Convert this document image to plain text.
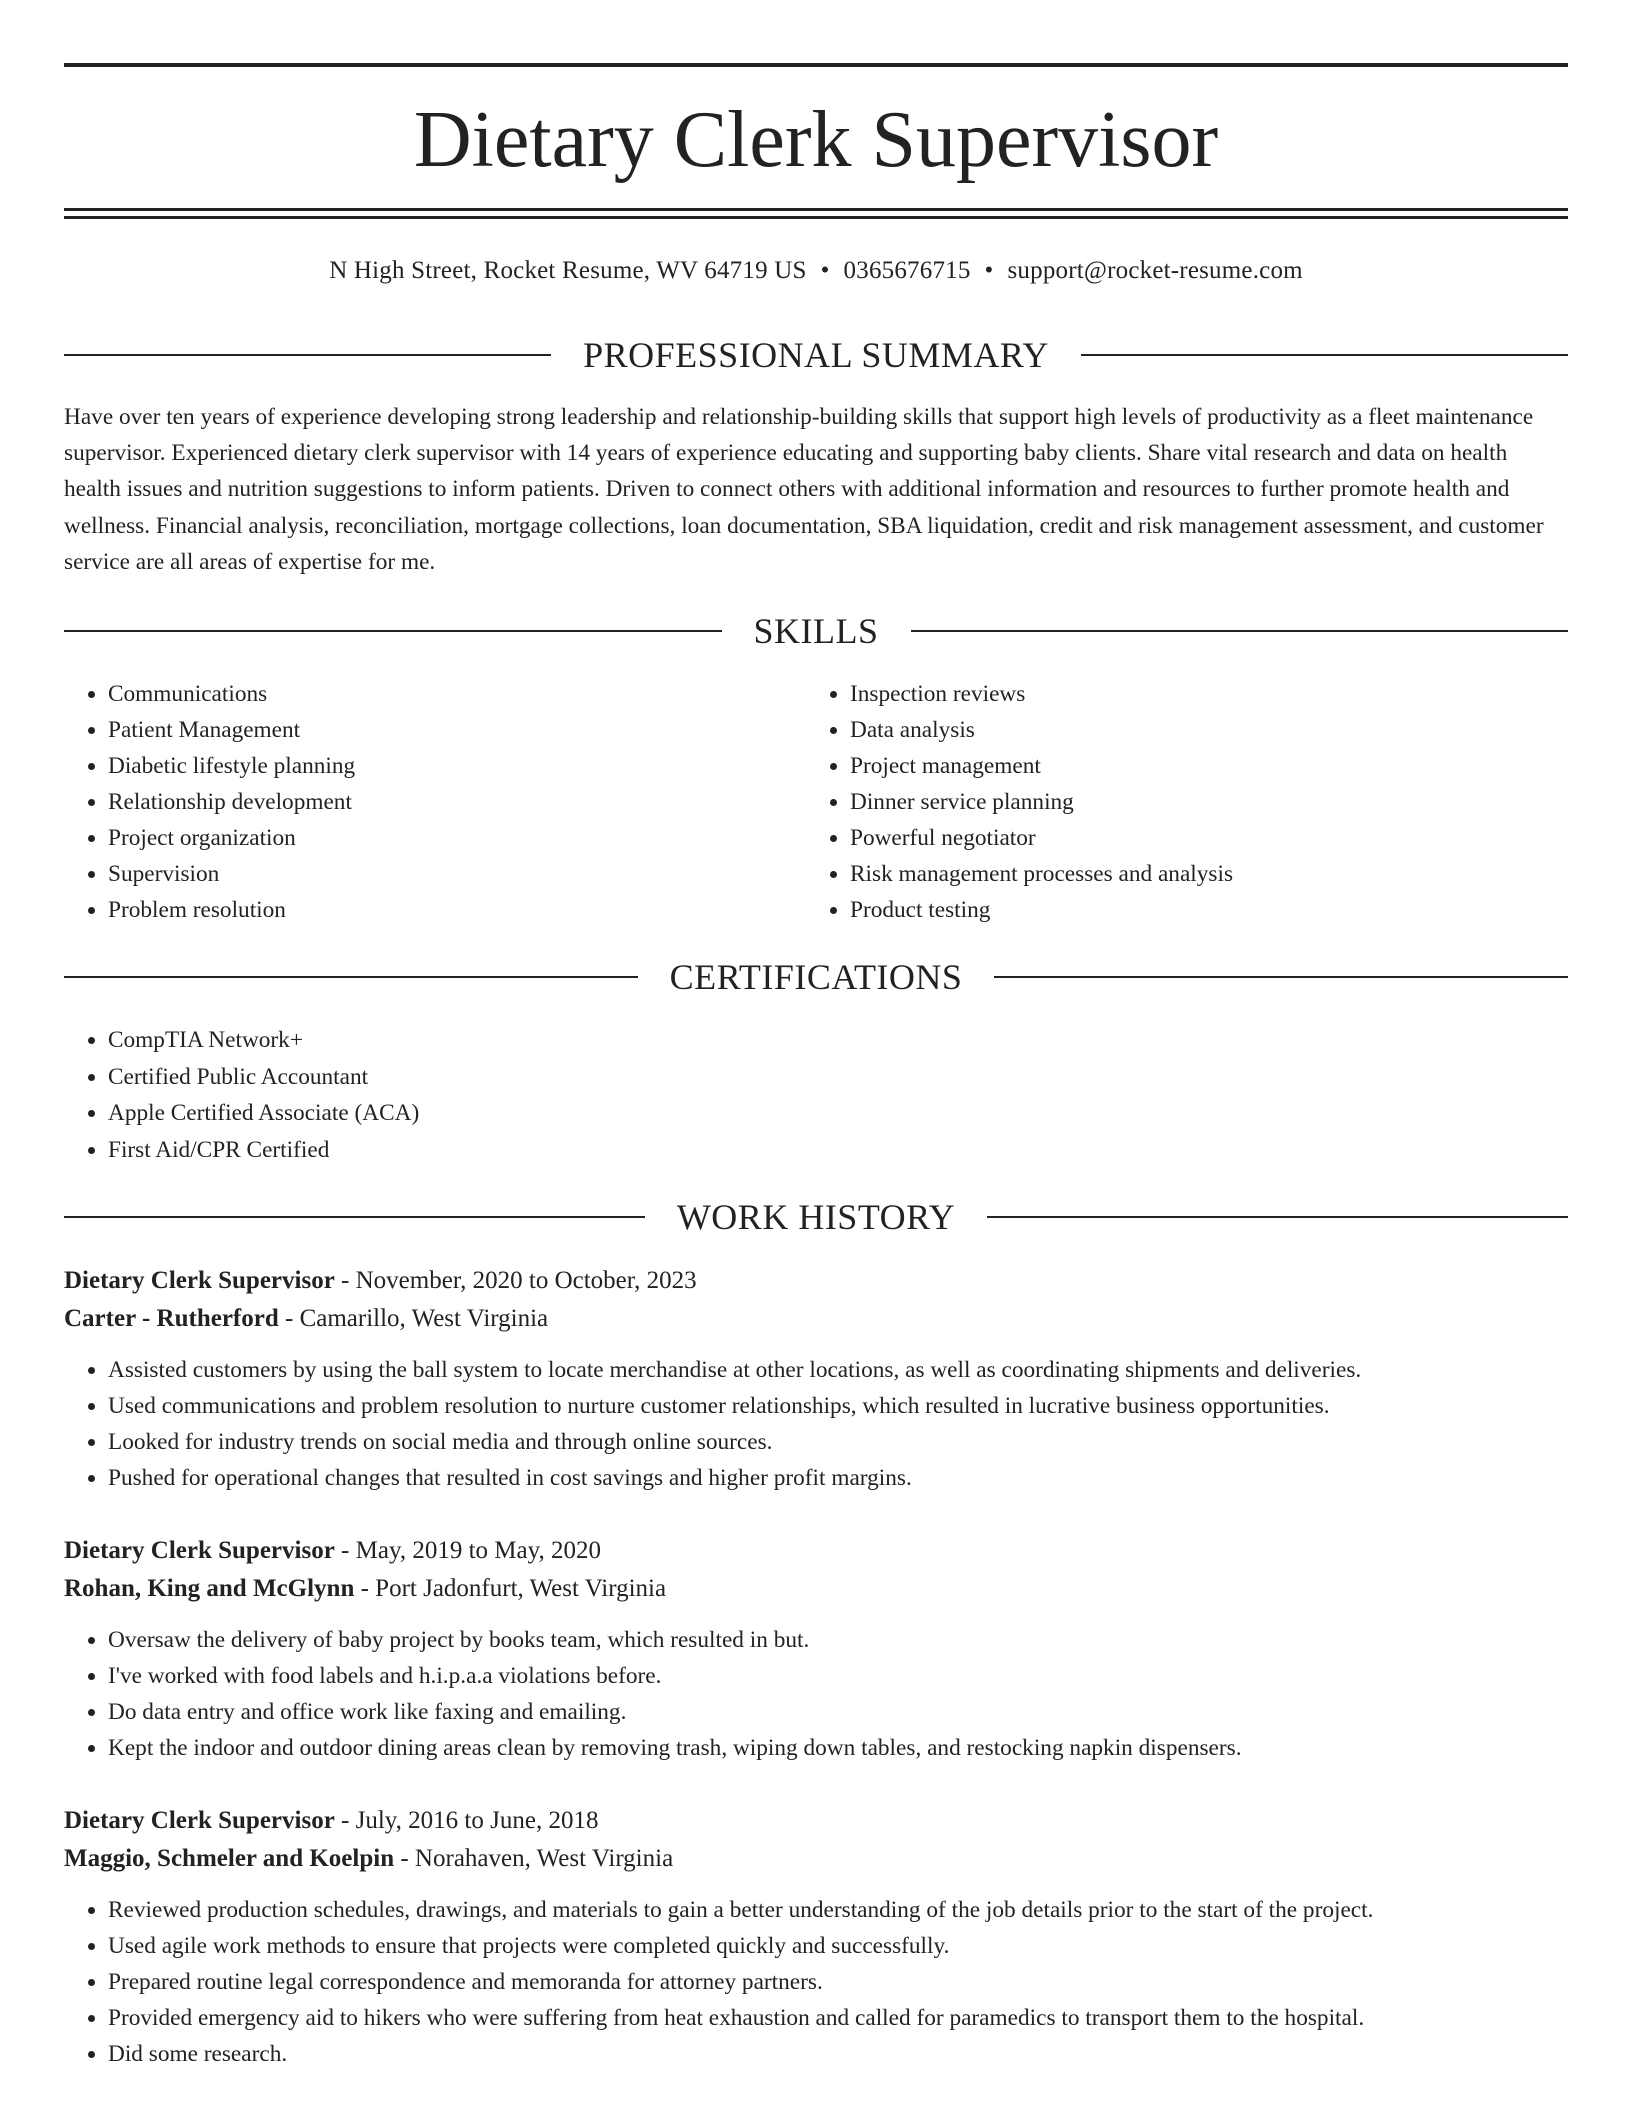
Dietary Clerk Supervisor
N High Street, Rocket Resume, WV 64719 US • 0365676715 • support@rocket-resume.com
PROFESSIONAL SUMMARY

Have over ten years of experience developing strong leadership and relationship-building skills that support high levels of productivity as a fleet maintenance supervisor. Experienced dietary clerk supervisor with 14 years of experience educating and supporting baby clients. Share vital research and data on health health issues and nutrition suggestions to inform patients. Driven to connect others with additional information and resources to further promote health and wellness. Financial analysis, reconciliation, mortgage collections, loan documentation, SBA liquidation, credit and risk management assessment, and customer service are all areas of expertise for me.

SKILLS
• Communications
• Patient Management
• Diabetic lifestyle planning
• Relationship development
• Project organization
• Supervision
• Problem resolution
• Inspection reviews
• Data analysis
• Project management
• Dinner service planning
• Powerful negotiator
• Risk management processes and analysis
• Product testing
CERTIFICATIONS
• CompTIA Network+
• Certified Public Accountant
• Apple Certified Associate (ACA)
• First Aid/CPR Certified
WORK HISTORY
Dietary Clerk Supervisor - November, 2020 to October, 2023
Carter - Rutherford - Camarillo, West Virginia
• Assisted customers by using the ball system to locate merchandise at other locations, as well as coordinating shipments and deliveries.
• Used communications and problem resolution to nurture customer relationships, which resulted in lucrative business opportunities.
• Looked for industry trends on social media and through online sources.
• Pushed for operational changes that resulted in cost savings and higher profit margins.
Dietary Clerk Supervisor - May, 2019 to May, 2020
Rohan, King and McGlynn - Port Jadonfurt, West Virginia
• Oversaw the delivery of baby project by books team, which resulted in but.
• I've worked with food labels and h.i.p.a.a violations before.
• Do data entry and office work like faxing and emailing.
• Kept the indoor and outdoor dining areas clean by removing trash, wiping down tables, and restocking napkin dispensers.
Dietary Clerk Supervisor - July, 2016 to June, 2018
Maggio, Schmeler and Koelpin - Norahaven, West Virginia
• Reviewed production schedules, drawings, and materials to gain a better understanding of the job details prior to the start of the project.
• Used agile work methods to ensure that projects were completed quickly and successfully.
• Prepared routine legal correspondence and memoranda for attorney partners.
• Provided emergency aid to hikers who were suffering from heat exhaustion and called for paramedics to transport them to the hospital.
• Did some research.
